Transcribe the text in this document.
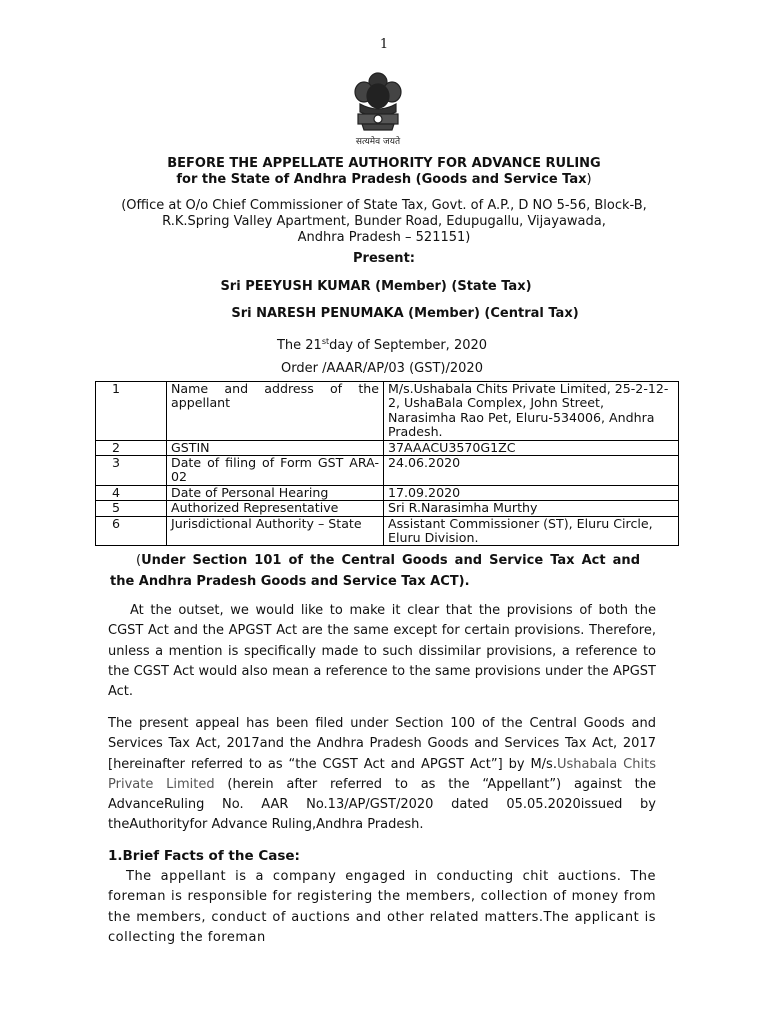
1
सत्यमेव जयते
BEFORE THE APPELLATE AUTHORITY FOR ADVANCE RULING
for the State of Andhra Pradesh (Goods and Service Tax)
(Office at O/o Chief Commissioner of State Tax, Govt. of A.P., D NO 5-56, Block-B,
R.K.Spring Valley Apartment, Bunder Road, Edupugallu, Vijayawada,
Andhra Pradesh – 521151)
Present:
Sri PEEYUSH KUMAR (Member) (State Tax)
Sri NARESH PENUMAKA (Member) (Central Tax)
The 21stday of September, 2020
Order /AAAR/AP/03 (GST)/2020
1	Name and address of the appellant	M/s.Ushabala Chits Private Limited, 25-2-12-2, UshaBala Complex, John Street, Narasimha Rao Pet, Eluru-534006, Andhra Pradesh.
2	GSTIN	37AAACU3570G1ZC
3	Date of filing of Form GST ARA-02	24.06.2020
4	Date of Personal Hearing	17.09.2020
5	Authorized Representative	Sri R.Narasimha Murthy
6	Jurisdictional Authority – State	Assistant Commissioner (ST), Eluru Circle, Eluru Division.
(Under Section 101 of the Central Goods and Service Tax Act and the Andhra Pradesh Goods and Service Tax ACT).
At the outset, we would like to make it clear that the provisions of both the CGST Act and the APGST Act are the same except for certain provisions. Therefore, unless a mention is specifically made to such dissimilar provisions, a reference to the CGST Act would also mean a reference to the same provisions under the APGST Act.
The present appeal has been filed under Section 100 of the Central Goods and Services Tax Act, 2017and the Andhra Pradesh Goods and Services Tax Act, 2017 [hereinafter referred to as “the CGST Act and APGST Act”] by M/s.Ushabala Chits Private Limited (herein after referred to as the “Appellant”) against the AdvanceRuling No. AAR No.13/AP/GST/2020 dated 05.05.2020issued by theAuthorityfor Advance Ruling,Andhra Pradesh.
1.Brief Facts of the Case:
The appellant is a company engaged in conducting chit auctions. The foreman is responsible for registering the members, collection of money from the members, conduct of auctions and other related matters.The applicant is collecting the foreman
